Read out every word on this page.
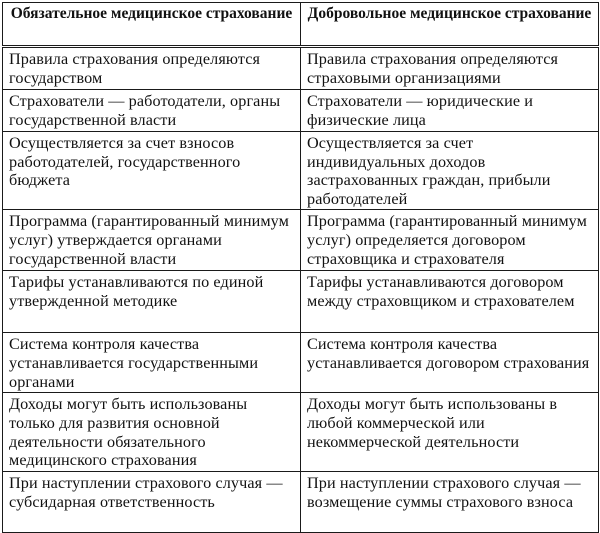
Обязательное медицинское страхование	Добровольное медицинское страхование
Правила страхования определяются государством	Правила страхования определяются страховыми организациями
Страхователи — работодатели, органы государственной власти	Страхователи — юридические и физические лица
Осуществляется за счет взносов работодателей, государственного бюджета	Осуществляется за счет индивидуальных доходов застрахованных граждан, прибыли работодателей
Программа (гарантированный минимум услуг) утверждается органами государственной власти	Программа (гарантированный минимум услуг) определяется договором страховщика и страхователя
Тарифы устанавливаются по единой утвержденной методике	Тарифы устанавливаются договором между страховщиком и страхователем
Система контроля качества устанавливается государственными органами	Система контроля качества устанавливается договором страхования
Доходы могут быть использованы только для развития основной деятельности обязательного медицинского страхования	Доходы могут быть использованы в любой коммерческой или некоммерческой деятельности
При наступлении страхового случая — субсидарная ответственность	При наступлении страхового случая — возмещение суммы страхового взноса
